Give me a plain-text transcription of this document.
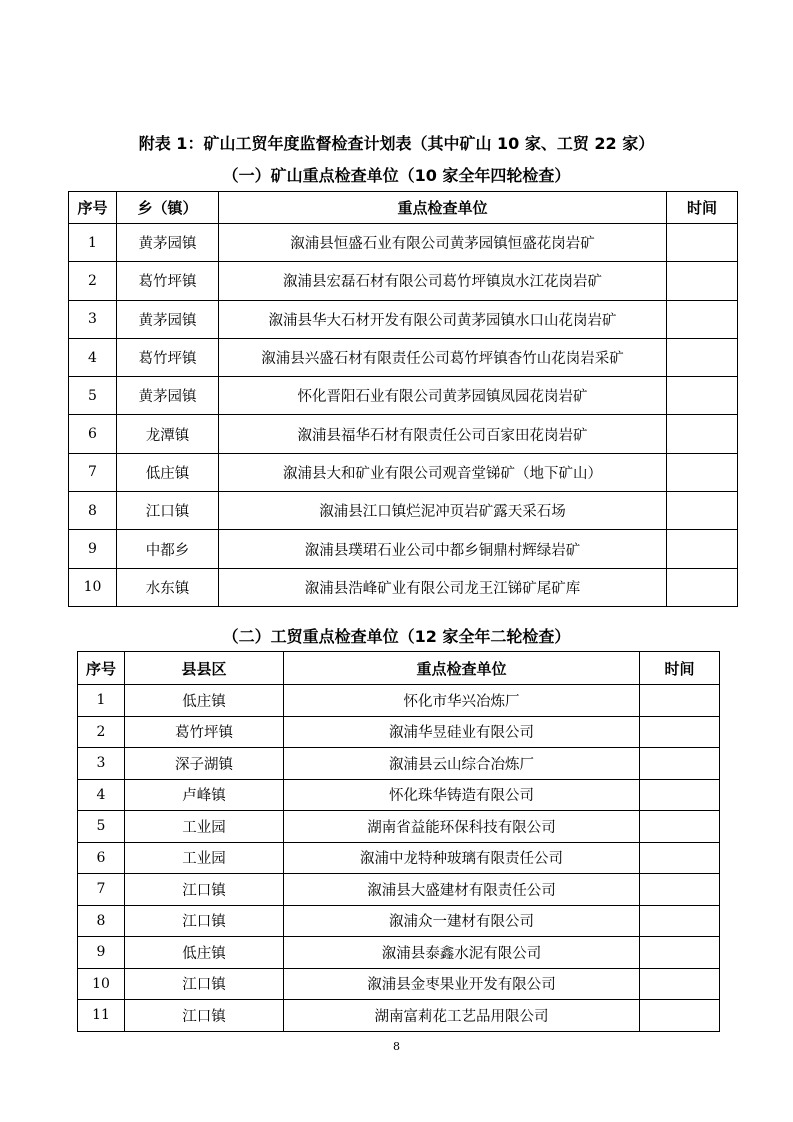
附表 1：矿山工贸年度监督检查计划表（其中矿山 10 家、工贸 22 家）
（一）矿山重点检查单位（10 家全年四轮检查）
序号	乡（镇）	重点检查单位	时间
1	黄茅园镇	溆浦县恒盛石业有限公司黄茅园镇恒盛花岗岩矿	
2	葛竹坪镇	溆浦县宏磊石材有限公司葛竹坪镇岚水江花岗岩矿	
3	黄茅园镇	溆浦县华大石材开发有限公司黄茅园镇水口山花岗岩矿	
4	葛竹坪镇	溆浦县兴盛石材有限责任公司葛竹坪镇杳竹山花岗岩采矿	
5	黄茅园镇	怀化晋阳石业有限公司黄茅园镇凤园花岗岩矿	
6	龙潭镇	溆浦县福华石材有限责任公司百家田花岗岩矿	
7	低庄镇	溆浦县大和矿业有限公司观音堂锑矿（地下矿山）	
8	江口镇	溆浦县江口镇烂泥冲页岩矿露天采石场	
9	中都乡	溆浦县璞珺石业公司中都乡铜鼎村辉绿岩矿	
10	水东镇	溆浦县浩峰矿业有限公司龙王江锑矿尾矿库	
（二）工贸重点检查单位（12 家全年二轮检查）
序号	县县区	重点检查单位	时间
1	低庄镇	怀化市华兴冶炼厂	
2	葛竹坪镇	溆浦华昱硅业有限公司	
3	深子湖镇	溆浦县云山综合冶炼厂	
4	卢峰镇	怀化珠华铸造有限公司	
5	工业园	湖南省益能环保科技有限公司	
6	工业园	溆浦中龙特种玻璃有限责任公司	
7	江口镇	溆浦县大盛建材有限责任公司	
8	江口镇	溆浦众一建材有限公司	
9	低庄镇	溆浦县泰鑫水泥有限公司	
10	江口镇	溆浦县金枣果业开发有限公司	
11	江口镇	湖南富莉花工艺品用限公司	
8
